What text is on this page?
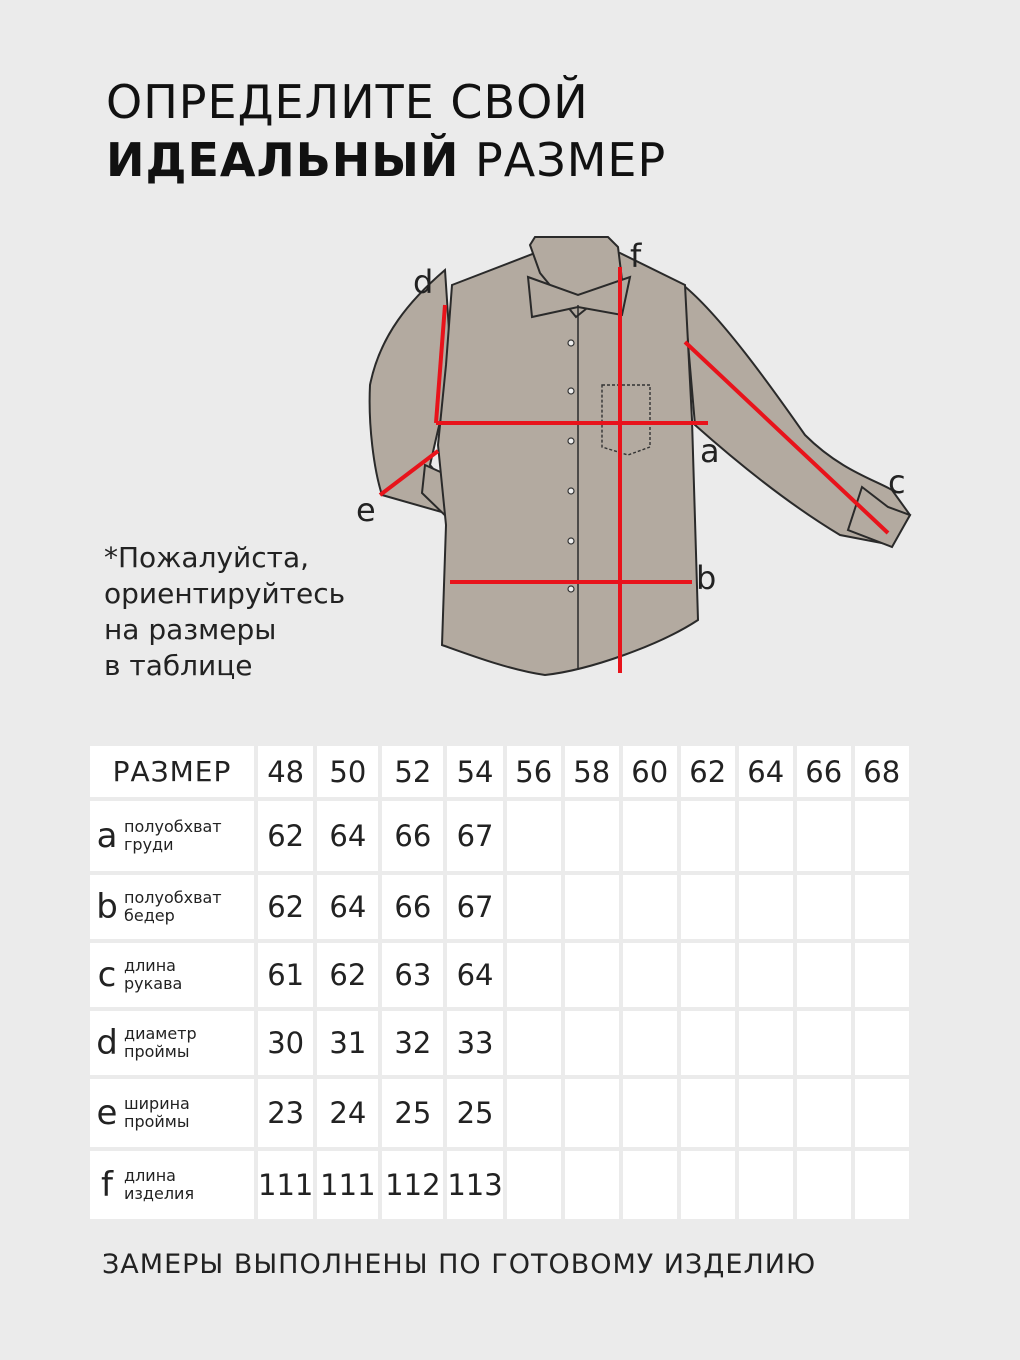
ОПРЕДЕЛИТЕ СВОЙ
ИДЕАЛЬНЫЙ РАЗМЕР
d
f
a
b
c
e
*Пожалуйста,
ориентируйтесь
на размеры
в таблице
РАЗМЕР	48	50	52	54	56	58	60	62	64	66	68

a полуобхват
груди	62	64	66	67							

b полуобхват
бедер	62	64	66	67							

c длина
рукава	61	62	63	64							

d диаметр
проймы	30	31	32	33							

e ширина
проймы	23	24	25	25							

f длина
изделия	111	111	112	113							
ЗАМЕРЫ ВЫПОЛНЕНЫ ПО ГОТОВОМУ ИЗДЕЛИЮ
